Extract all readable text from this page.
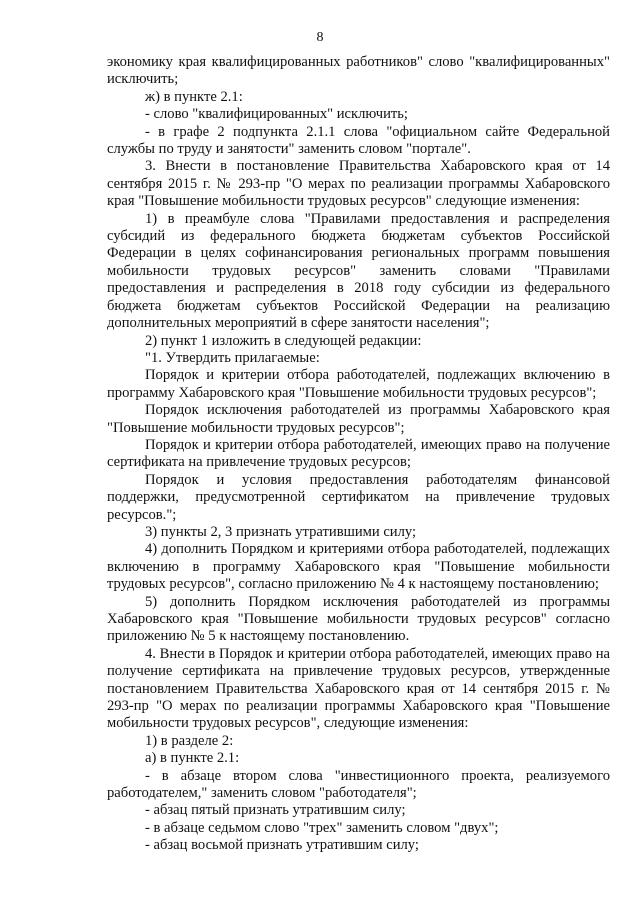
8

экономику края квалифицированных работников" слово "квалифицированных" исключить;

ж) в пункте 2.1:

- слово "квалифицированных" исключить;

- в графе 2 подпункта 2.1.1 слова "официальном сайте Федеральной службы по труду и занятости" заменить словом "портале".

3. Внести в постановление Правительства Хабаровского края от 14 сентября 2015 г. № 293-пр "О мерах по реализации программы Хабаровского края "Повышение мобильности трудовых ресурсов" следующие изменения:

1) в преамбуле слова "Правилами предоставления и распределения субсидий из федерального бюджета бюджетам субъектов Российской Федерации в целях софинансирования региональных программ повышения мобильности трудовых ресурсов" заменить словами "Правилами предоставления и распределения в 2018 году субсидии из федерального бюджета бюджетам субъектов Российской Федерации на реализацию дополнительных мероприятий в сфере занятости населения";

2) пункт 1 изложить в следующей редакции:

"1. Утвердить прилагаемые:

Порядок и критерии отбора работодателей, подлежащих включению в программу Хабаровского края "Повышение мобильности трудовых ресурсов";

Порядок исключения работодателей из программы Хабаровского края "Повышение мобильности трудовых ресурсов";

Порядок и критерии отбора работодателей, имеющих право на получение сертификата на привлечение трудовых ресурсов;

Порядок и условия предоставления работодателям финансовой поддержки, предусмотренной сертификатом на привлечение трудовых ресурсов.";

3) пункты 2, 3 признать утратившими силу;

4) дополнить Порядком и критериями отбора работодателей, подлежащих включению в программу Хабаровского края "Повышение мобильности трудовых ресурсов", согласно приложению № 4 к настоящему постановлению;

5) дополнить Порядком исключения работодателей из программы Хабаровского края "Повышение мобильности трудовых ресурсов" согласно приложению № 5 к настоящему постановлению.

4. Внести в Порядок и критерии отбора работодателей, имеющих право на получение сертификата на привлечение трудовых ресурсов, утвержденные постановлением Правительства Хабаровского края от 14 сентября 2015 г. № 293-пр "О мерах по реализации программы Хабаровского края "Повышение мобильности трудовых ресурсов", следующие изменения:

1) в разделе 2:

а) в пункте 2.1:

- в абзаце втором слова "инвестиционного проекта, реализуемого работодателем," заменить словом "работодателя";

- абзац пятый признать утратившим силу;

- в абзаце седьмом слово "трех" заменить словом "двух";

- абзац восьмой признать утратившим силу;
